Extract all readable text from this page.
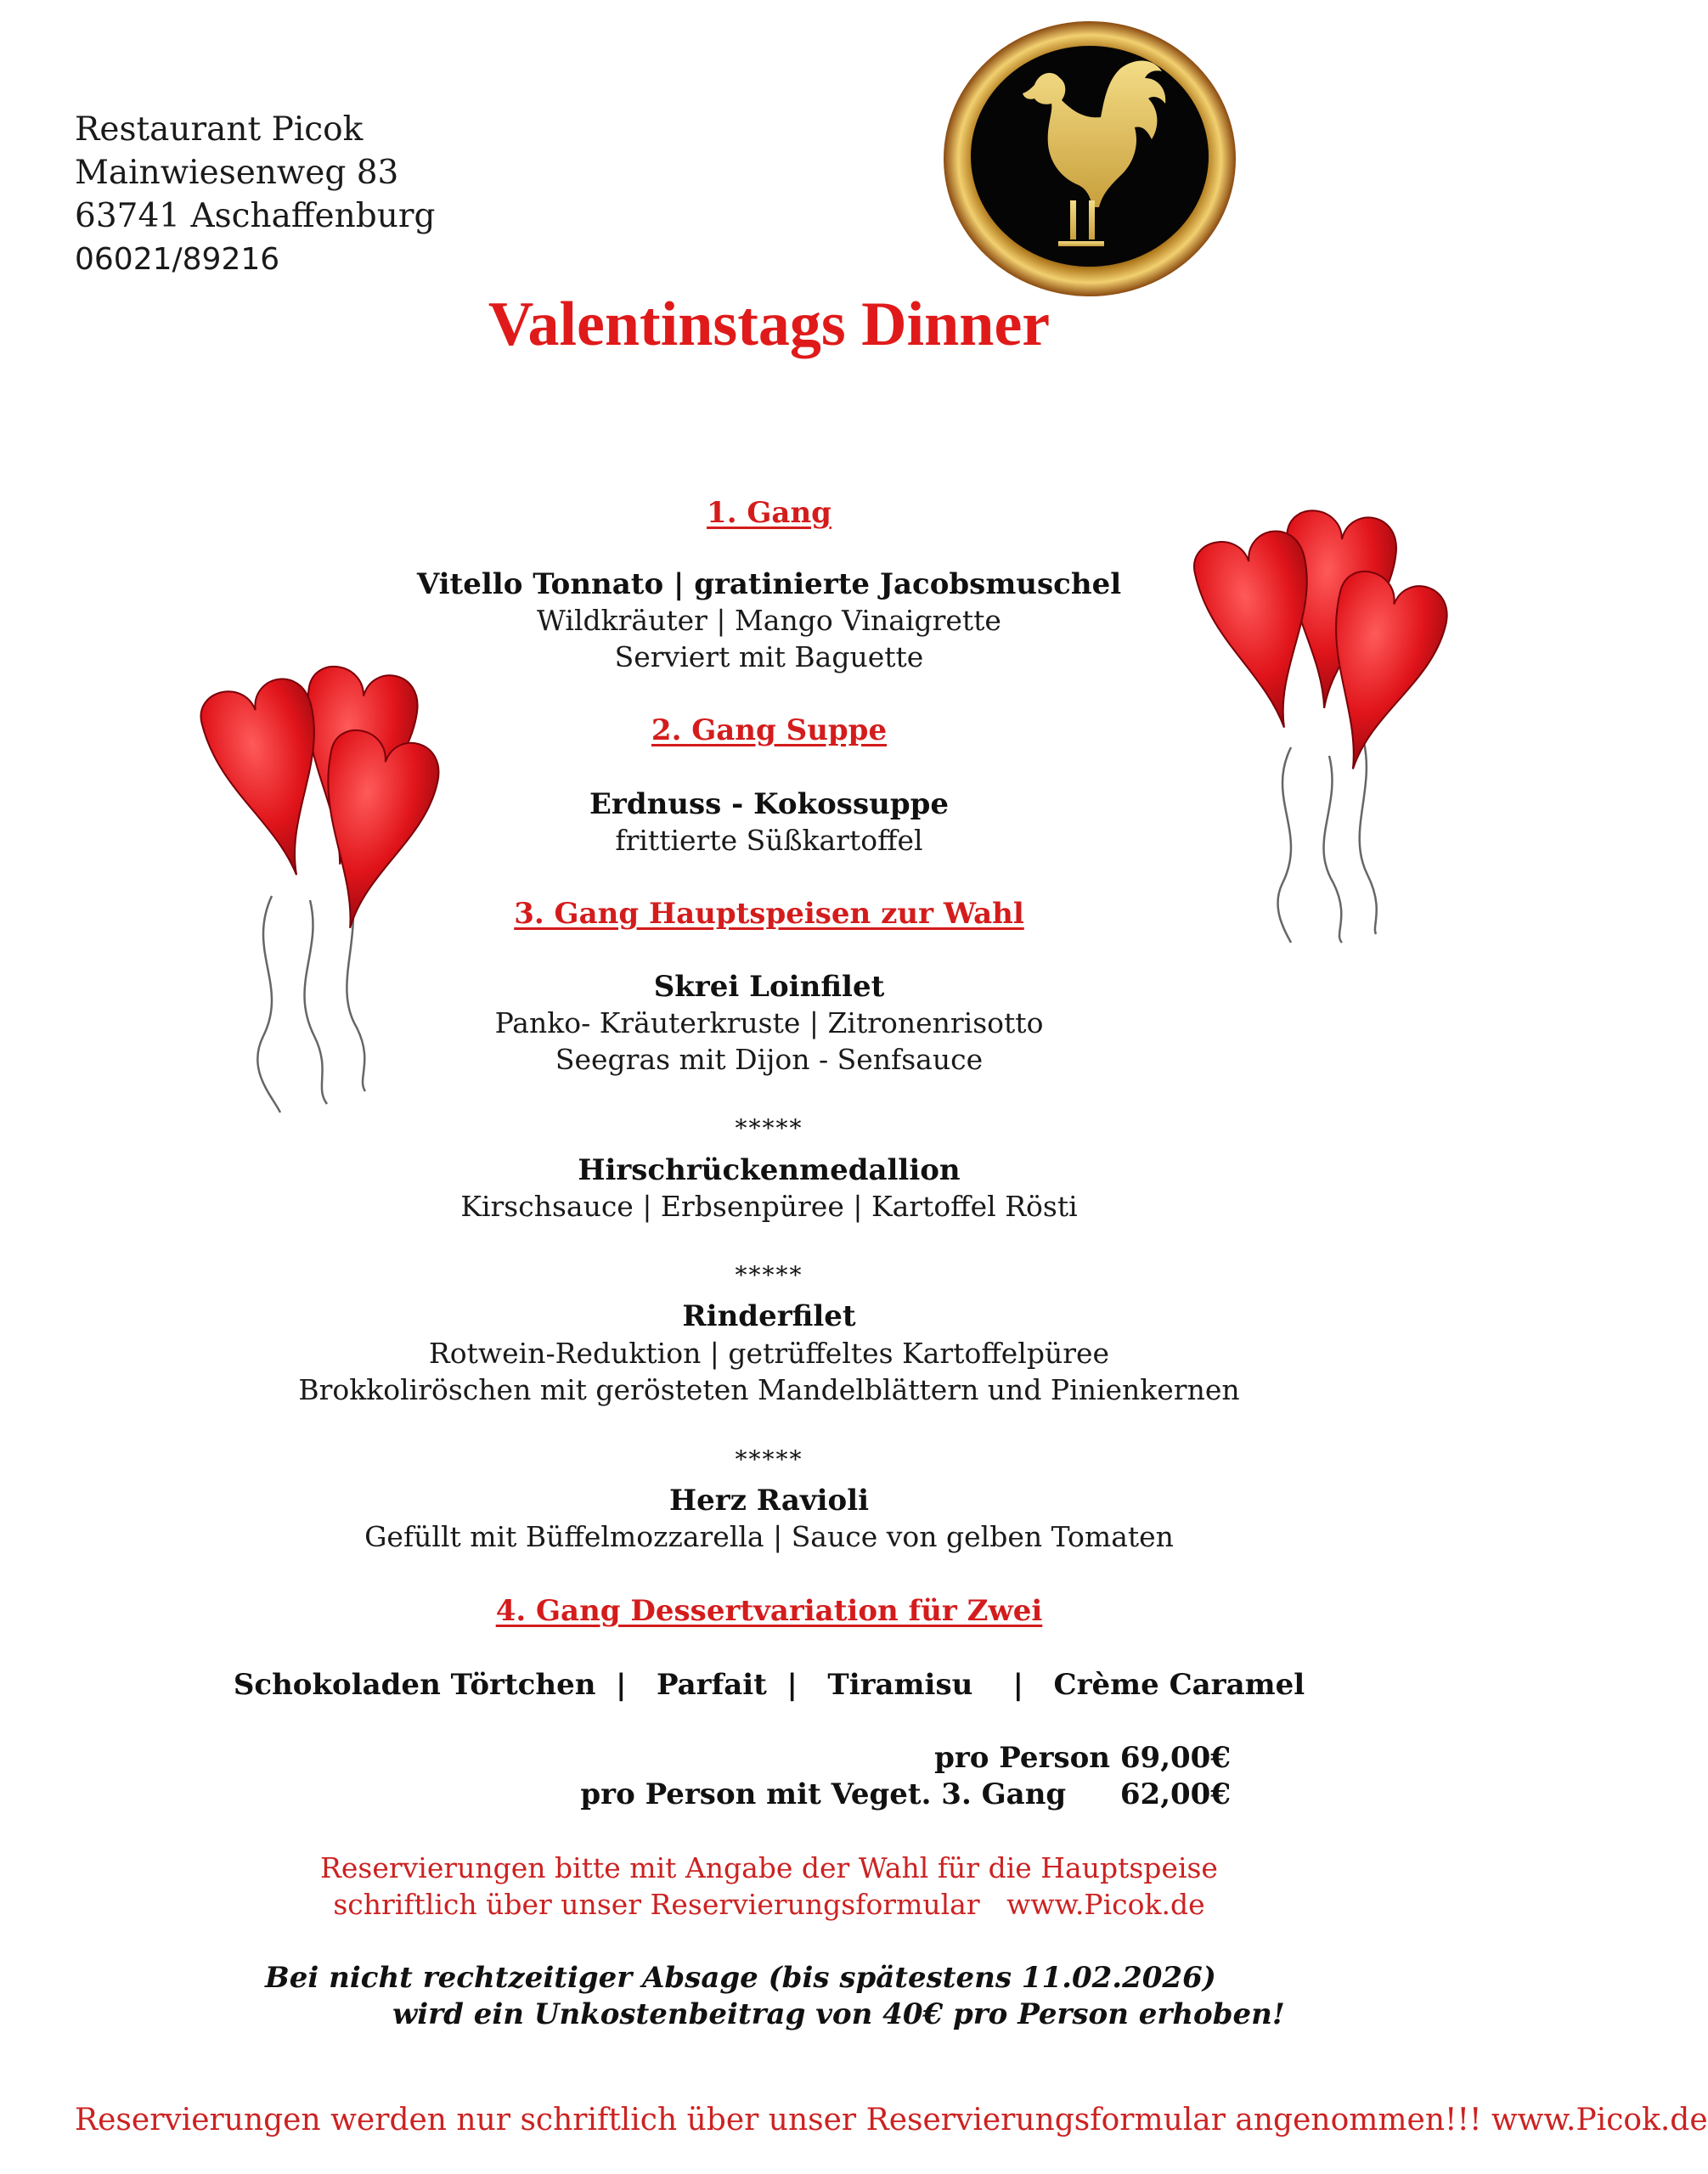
Restaurant Picok
Mainwiesenweg 83
63741 Aschaffenburg
06021/89216
Valentinstags Dinner
1. Gang
Vitello Tonnato | gratinierte Jacobsmuschel
Wildkräuter | Mango Vinaigrette
Serviert mit Baguette
2. Gang Suppe
Erdnuss - Kokossuppe
frittierte Süßkartoffel
3. Gang Hauptspeisen zur Wahl
Skrei Loinfilet
Panko- Kräuterkruste | Zitronenrisotto
Seegras mit Dijon - Senfsauce
*****
Hirschrückenmedallion
Kirschsauce | Erbsenpüree | Kartoffel Rösti
*****
Rinderfilet
Rotwein-Reduktion | getrüffeltes Kartoffelpüree
Brokkoliröschen mit gerösteten Mandelblättern und Pinienkernen
*****
Herz Ravioli
Gefüllt mit Büffelmozzarella | Sauce von gelben Tomaten
4. Gang Dessertvariation für Zwei
Schokoladen Törtchen  |   Parfait  |   Tiramisu    |   Crème Caramel
pro Person 69,00€
pro Person mit Veget. 3. Gang 62,00€
Reservierungen bitte mit Angabe der Wahl für die Hauptspeise
schriftlich über unser Reservierungsformular   www.Picok.de
Bei nicht rechtzeitiger Absage (bis spätestens 11.02.2026)
wird ein Unkostenbeitrag von 40€ pro Person erhoben!
Reservierungen werden nur schriftlich über unser Reservierungsformular angenommen!!! www.Picok.de
